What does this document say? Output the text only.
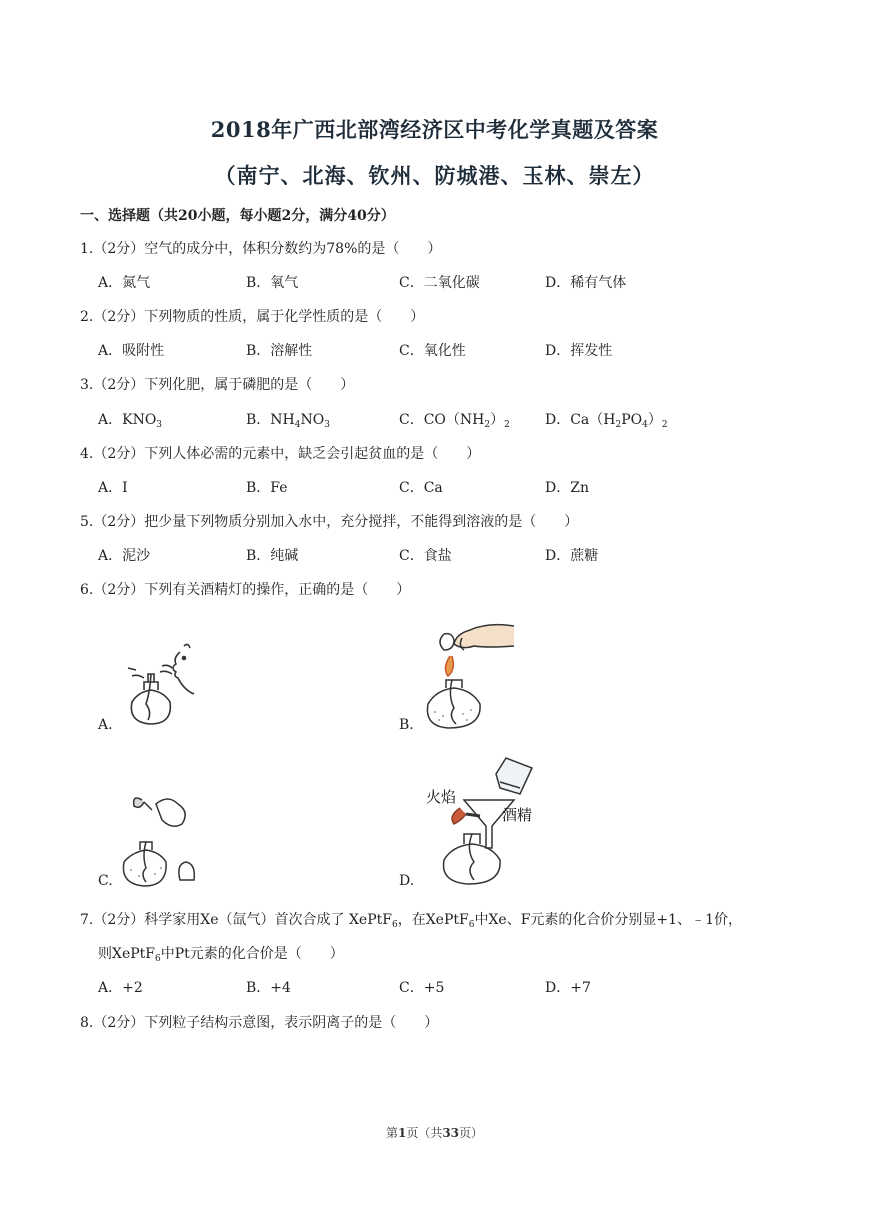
2018年广西北部湾经济区中考化学真题及答案
（南宁、北海、钦州、防城港、玉林、崇左）
一、选择题（共20小题，每小题2分，满分40分）
1.（2分）空气的成分中，体积分数约为78%的是（　　）
A．氮气	B．氧气	C．二氧化碳	D．稀有气体
2.（2分）下列物质的性质，属于化学性质的是（　　）
A．吸附性	B．溶解性	C．氧化性	D．挥发性
3.（2分）下列化肥，属于磷肥的是（　　）
A．$KNO_3$	B．$NH_4NO_3$	C．$CO(NH_2)_2$	D．$Ca(H_2PO_4)_2$
4.（2分）下列人体必需的元素中，缺乏会引起贫血的是（　　）
A．I	B．Fe	C．Ca	D．Zn
5.（2分）把少量下列物质分别加入水中，充分搅拌，不能得到溶液的是（　　）
A．泥沙	B．纯碱	C．食盐	D．蔗糖
6.（2分）下列有关酒精灯的操作，正确的是（　　）
A.	B.
C.	D.
火焰
酒精
7.（2分）科学家用Xe（氙气）首次合成了 XePtF$_6$，在XePtF$_6$中Xe、F元素的化合价分别显+1、﹣1价，
则XePtF$_6$中Pt元素的化合价是（　　）
A．+2	B．+4	C．+5	D．+7
8.（2分）下列粒子结构示意图，表示阴离子的是（　　）
第1页（共33页）
